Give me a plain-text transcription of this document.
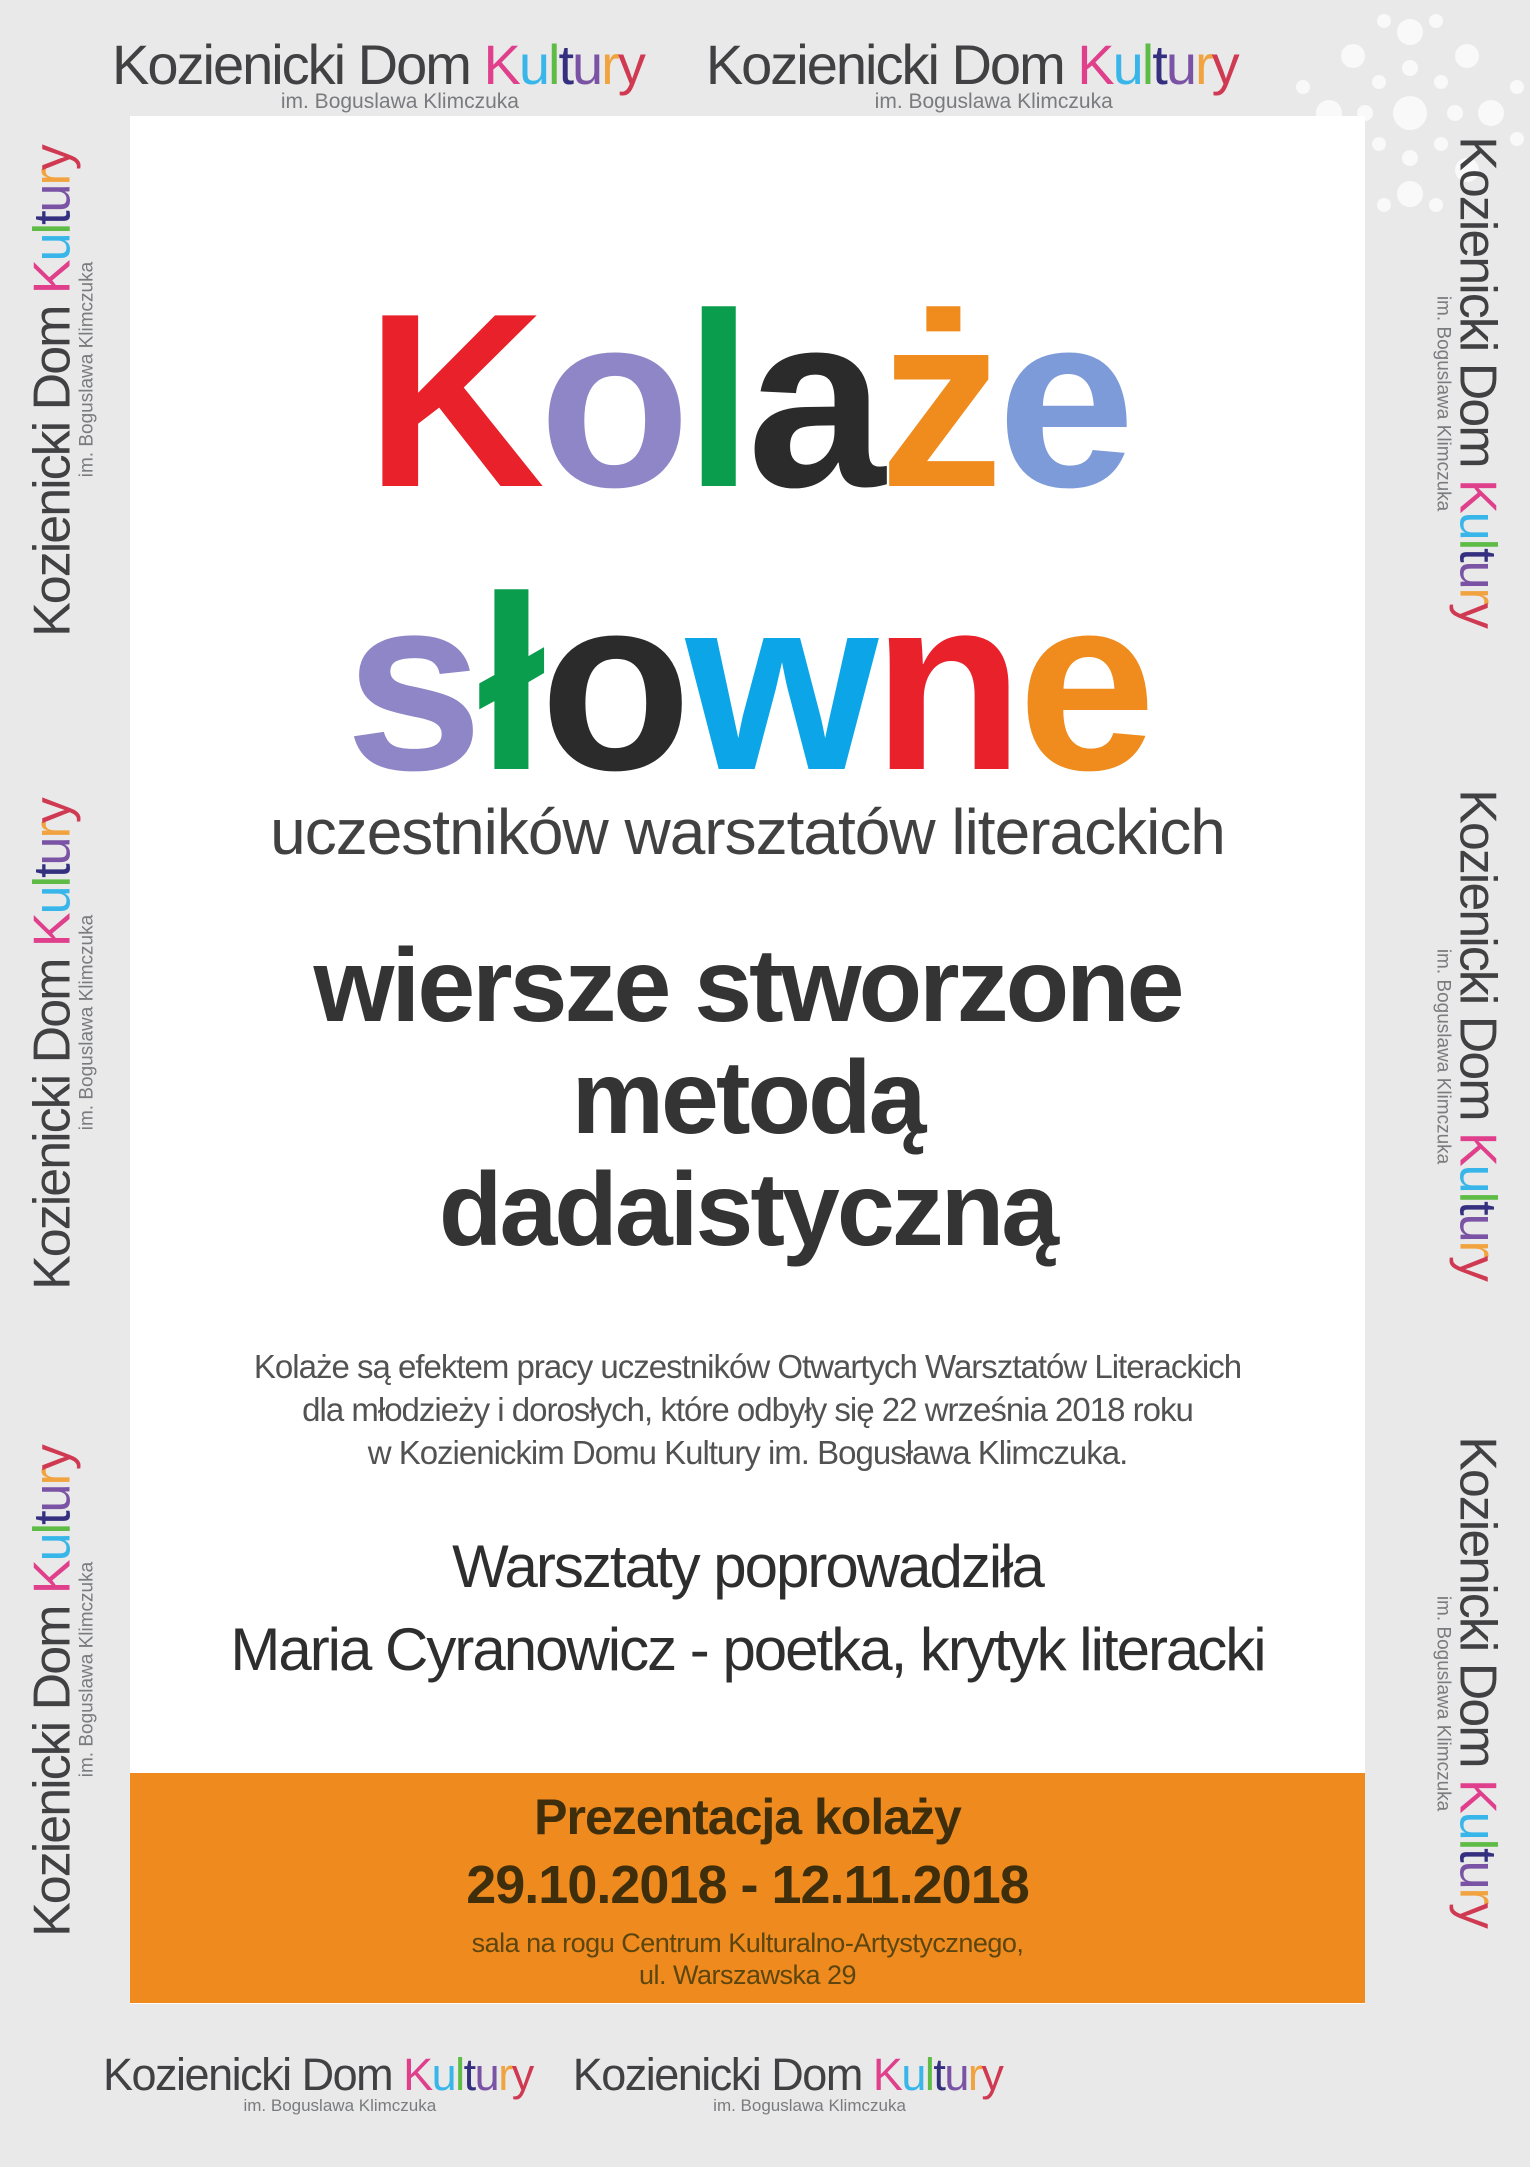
Kozienicki Dom Kultury
im. Boguslawa Klimczuka
Kozienicki Dom Kultury
im. Boguslawa Klimczuka
Kozienicki Dom Kultury
im. Boguslawa Klimczuka
Kozienicki Dom Kultury
im. Boguslawa Klimczuka
Kozienicki Dom Kultury
im. Boguslawa Klimczuka
Kozienicki Dom Kultury
im. Boguslawa Klimczuka
Kozienicki Dom Kultury
im. Boguslawa Klimczuka
Kozienicki Dom Kultury
im. Boguslawa Klimczuka
Kolaże
słowne
uczestników warsztatów literackich
wiersze stworzone
metodą
dadaistyczną
Kolaże są efektem pracy uczestników Otwartych Warsztatów Literackich
dla młodzieży i dorosłych, które odbyły się 22 września 2018 roku
w Kozienickim Domu Kultury im. Bogusława Klimczuka.
Warsztaty poprowadziła
Maria Cyranowicz - poetka, krytyk literacki
Prezentacja kolaży
29.10.2018 - 12.11.2018
sala na rogu Centrum Kulturalno-Artystycznego,
ul. Warszawska 29
Kozienicki Dom Kultury
im. Boguslawa Klimczuka
Kozienicki Dom Kultury
im. Boguslawa Klimczuka
